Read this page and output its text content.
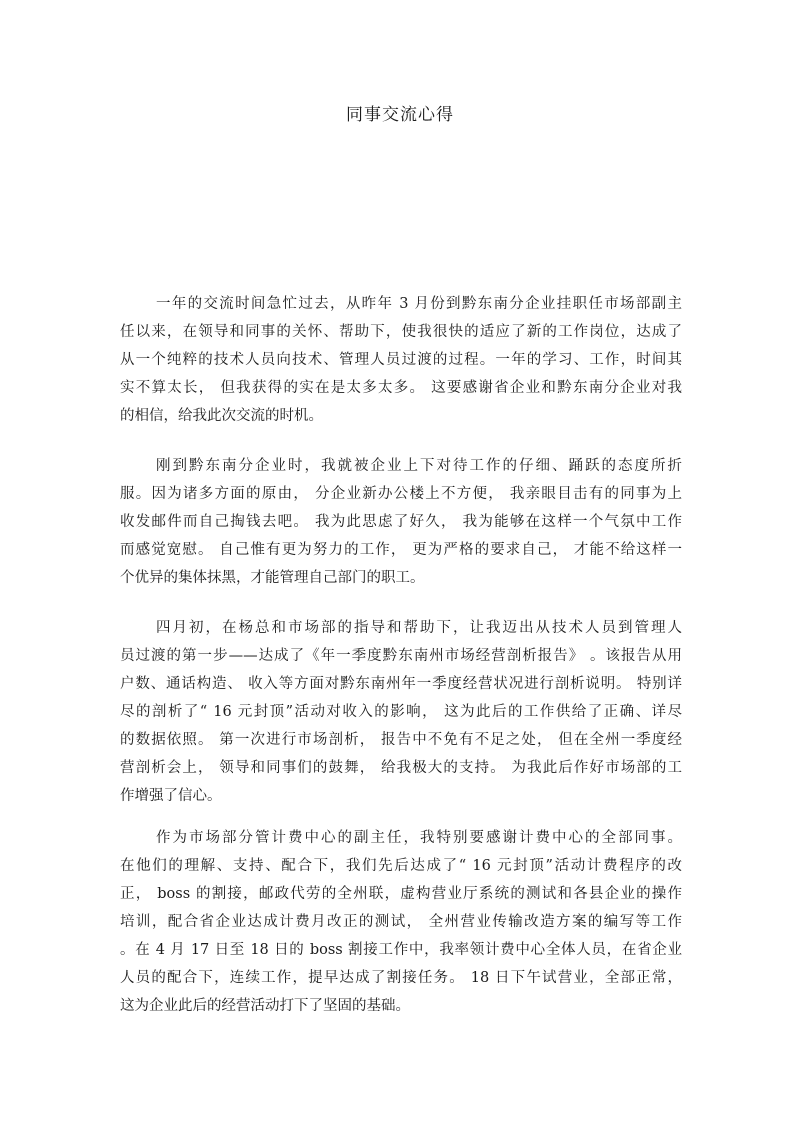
同事交流心得
一年的交流时间急忙过去，从昨年 3 月份到黔东南分企业挂职任市场部副主
任以来，在领导和同事的关怀、帮助下，使我很快的适应了新的工作岗位，达成了
从一个纯粹的技术人员向技术、管理人员过渡的过程。一年的学习、工作，时间其
实不算太长， 但我获得的实在是太多太多。 这要感谢省企业和黔东南分企业对我
的相信，给我此次交流的时机。
刚到黔东南分企业时，我就被企业上下对待工作的仔细、踊跃的态度所折
服。因为诸多方面的原由， 分企业新办公楼上不方便， 我亲眼目击有的同事为上
收发邮件而自己掏钱去吧。 我为此思虑了好久， 我为能够在这样一个气氛中工作
而感觉宽慰。 自己惟有更为努力的工作， 更为严格的要求自己， 才能不给这样一
个优异的集体抹黑，才能管理自己部门的职工。
四月初，在杨总和市场部的指导和帮助下，让我迈出从技术人员到管理人
员过渡的第一步——达成了《年一季度黔东南州市场经营剖析报告》 。该报告从用
户数、通话构造、 收入等方面对黔东南州年一季度经营状况进行剖析说明。 特别详
尽的剖析了“ 16 元封顶”活动对收入的影响， 这为此后的工作供给了正确、详尽
的数据依照。 第一次进行市场剖析， 报告中不免有不足之处， 但在全州一季度经
营剖析会上， 领导和同事们的鼓舞， 给我极大的支持。 为我此后作好市场部的工
作增强了信心。
作为市场部分管计费中心的副主任，我特别要感谢计费中心的全部同事。
在他们的理解、支持、配合下，我们先后达成了“ 16 元封顶”活动计费程序的改
正， boss 的割接，邮政代劳的全州联，虚构营业厅系统的测试和各县企业的操作
培训，配合省企业达成计费月改正的测试， 全州营业传输改造方案的编写等工作
。在 4 月 17 日至 18 日的 boss 割接工作中，我率领计费中心全体人员，在省企业
人员的配合下，连续工作，提早达成了割接任务。 18 日下午试营业，全部正常，
这为企业此后的经营活动打下了坚固的基础。
